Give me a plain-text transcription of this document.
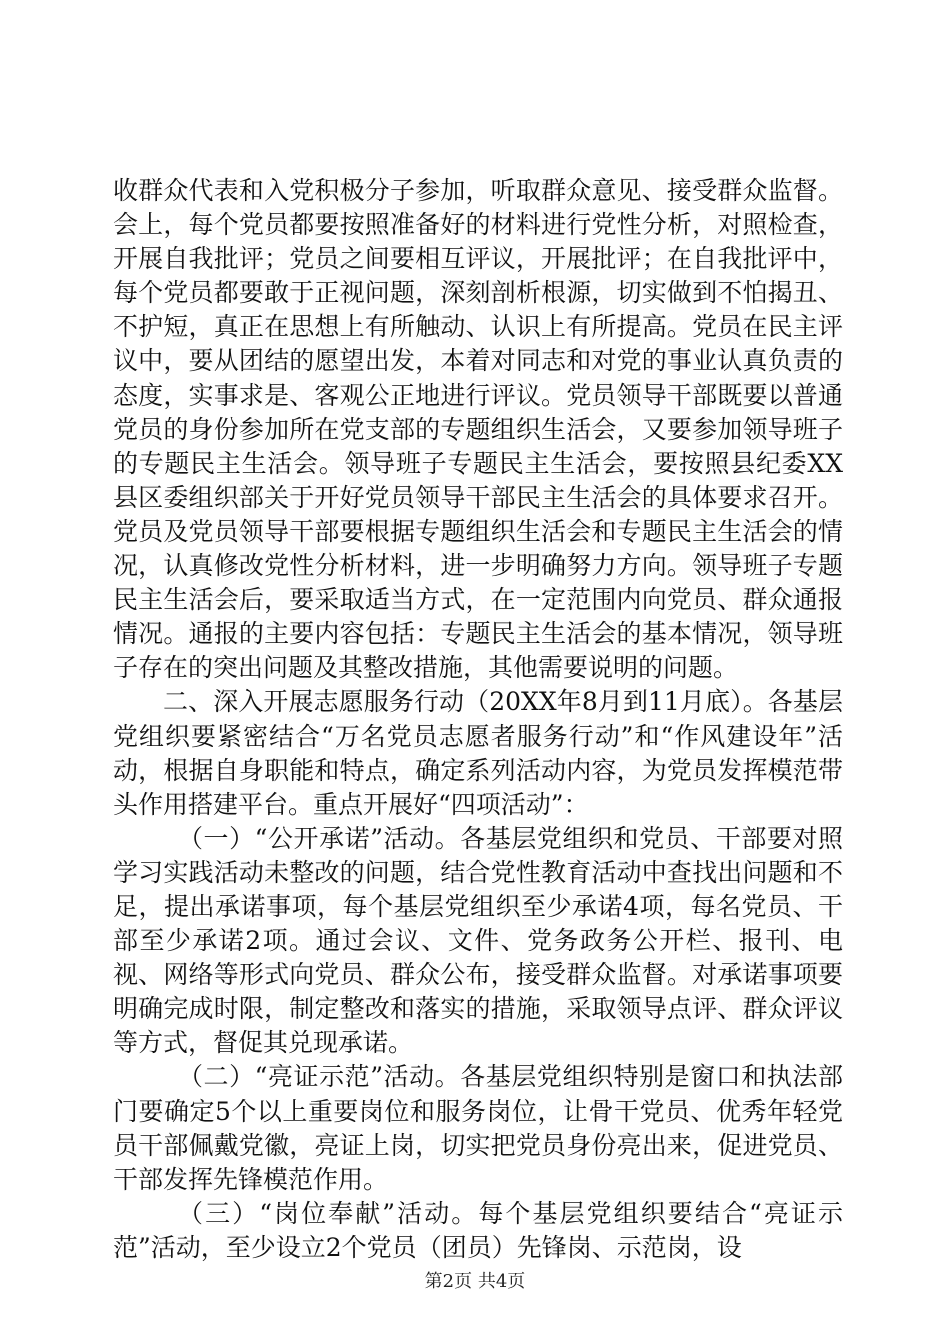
收群众代表和入党积极分子参加，听取群众意见、接受群众监督。会上，每个党员都要按照准备好的材料进行党性分析，对照检查，开展自我批评；党员之间要相互评议，开展批评；在自我批评中，每个党员都要敢于正视问题，深刻剖析根源，切实做到不怕揭丑、不护短，真正在思想上有所触动、认识上有所提高。党员在民主评议中，要从团结的愿望出发，本着对同志和对党的事业认真负责的态度，实事求是、客观公正地进行评议。党员领导干部既要以普通党员的身份参加所在党支部的专题组织生活会，又要参加领导班子的专题民主生活会。领导班子专题民主生活会，要按照县纪委XX县区委组织部关于开好党员领导干部民主生活会的具体要求召开。党员及党员领导干部要根据专题组织生活会和专题民主生活会的情况，认真修改党性分析材料，进一步明确努力方向。领导班子专题民主生活会后，要采取适当方式，在一定范围内向党员、群众通报情况。通报的主要内容包括：专题民主生活会的基本情况，领导班子存在的突出问题及其整改措施，其他需要说明的问题。

二、深入开展志愿服务行动（20XX年8月到11月底）。各基层党组织要紧密结合“万名党员志愿者服务行动”和“作风建设年”活动，根据自身职能和特点，确定系列活动内容，为党员发挥模范带头作用搭建平台。重点开展好“四项活动”：

（一）“公开承诺”活动。各基层党组织和党员、干部要对照学习实践活动未整改的问题，结合党性教育活动中查找出问题和不足，提出承诺事项，每个基层党组织至少承诺4项，每名党员、干部至少承诺2项。通过会议、文件、党务政务公开栏、报刊、电视、网络等形式向党员、群众公布，接受群众监督。对承诺事项要明确完成时限，制定整改和落实的措施，采取领导点评、群众评议等方式，督促其兑现承诺。

（二）“亮证示范”活动。各基层党组织特别是窗口和执法部门要确定5个以上重要岗位和服务岗位，让骨干党员、优秀年轻党员干部佩戴党徽，亮证上岗，切实把党员身份亮出来，促进党员、干部发挥先锋模范作用。

（三）“岗位奉献”活动。每个基层党组织要结合“亮证示范”活动，至少设立2个党员（团员）先锋岗、示范岗，设

第2页 共4页
